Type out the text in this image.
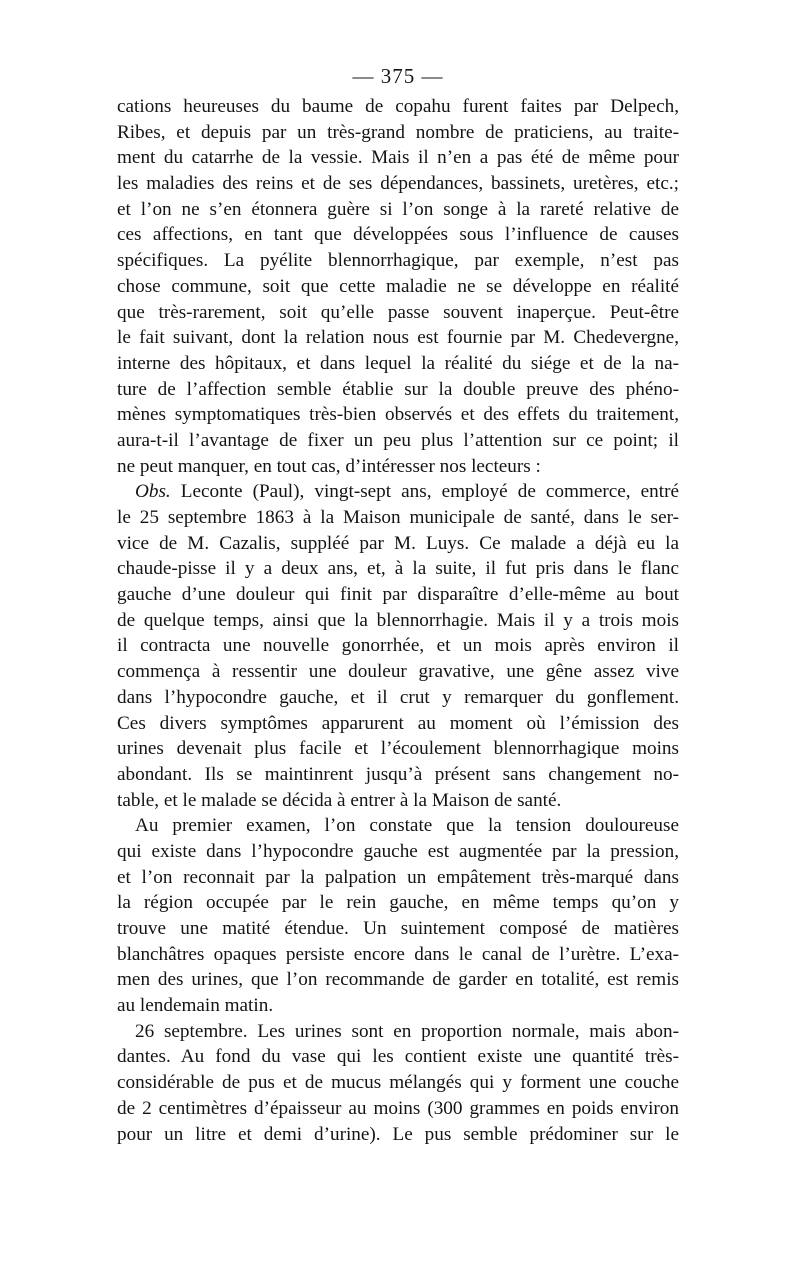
— 375 —
cations heureuses du baume de copahu furent faites par Delpech,
Ribes, et depuis par un très-grand nombre de praticiens, au traite-
ment du catarrhe de la vessie. Mais il n’en a pas été de même pour
les maladies des reins et de ses dépendances, bassinets, uretères, etc.;
et l’on ne s’en étonnera guère si l’on songe à la rareté relative de
ces affections, en tant que développées sous l’influence de causes
spécifiques. La pyélite blennorrhagique, par exemple, n’est pas
chose commune, soit que cette maladie ne se développe en réalité
que très-rarement, soit qu’elle passe souvent inaperçue. Peut-être
le fait suivant, dont la relation nous est fournie par M. Chedevergne,
interne des hôpitaux, et dans lequel la réalité du siége et de la na-
ture de l’affection semble établie sur la double preuve des phéno-
mènes symptomatiques très-bien observés et des effets du traitement,
aura-t-il l’avantage de fixer un peu plus l’attention sur ce point; il
ne peut manquer, en tout cas, d’intéresser nos lecteurs :
Obs. Leconte (Paul), vingt-sept ans, employé de commerce, entré
le 25 septembre 1863 à la Maison municipale de santé, dans le ser-
vice de M. Cazalis, suppléé par M. Luys. Ce malade a déjà eu la
chaude-pisse il y a deux ans, et, à la suite, il fut pris dans le flanc
gauche d’une douleur qui finit par disparaître d’elle-même au bout
de quelque temps, ainsi que la blennorrhagie. Mais il y a trois mois
il contracta une nouvelle gonorrhée, et un mois après environ il
commença à ressentir une douleur gravative, une gêne assez vive
dans l’hypocondre gauche, et il crut y remarquer du gonflement.
Ces divers symptômes apparurent au moment où l’émission des
urines devenait plus facile et l’écoulement blennorrhagique moins
abondant. Ils se maintinrent jusqu’à présent sans changement no-
table, et le malade se décida à entrer à la Maison de santé.
Au premier examen, l’on constate que la tension douloureuse
qui existe dans l’hypocondre gauche est augmentée par la pression,
et l’on reconnait par la palpation un empâtement très-marqué dans
la région occupée par le rein gauche, en même temps qu’on y
trouve une matité étendue. Un suintement composé de matières
blanchâtres opaques persiste encore dans le canal de l’urètre. L’exa-
men des urines, que l’on recommande de garder en totalité, est remis
au lendemain matin.
26 septembre. Les urines sont en proportion normale, mais abon-
dantes. Au fond du vase qui les contient existe une quantité très-
considérable de pus et de mucus mélangés qui y forment une couche
de 2 centimètres d’épaisseur au moins (300 grammes en poids environ
pour un litre et demi d’urine). Le pus semble prédominer sur le
